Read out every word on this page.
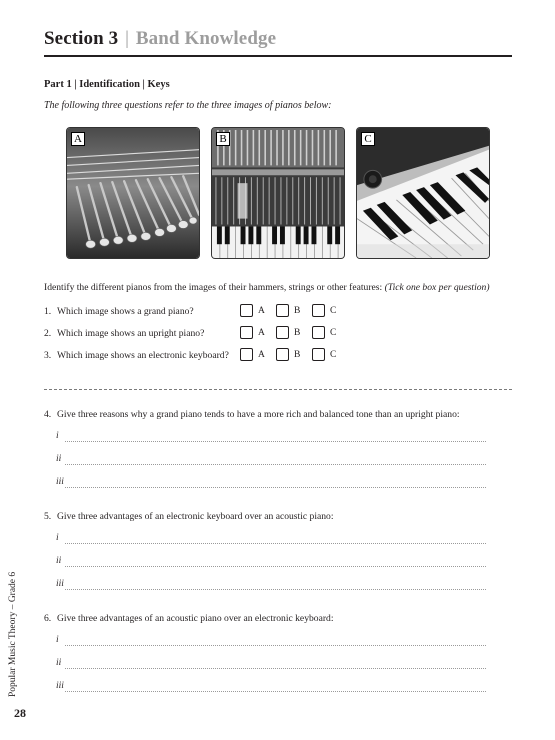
Section 3 | Band Knowledge
Part 1 | Identification | Keys
The following three questions refer to the three images of pianos below:
A	B	C
Identify the different pianos from the images of their hammers, strings or other features: (Tick one box per question)
1. Which image shows a grand piano?	A	B	C
2. Which image shows an upright piano?	A	B	C
3. Which image shows an electronic keyboard?	A	B	C
4. Give three reasons why a grand piano tends to have a more rich and balanced tone than an upright piano:
i
ii
iii
5. Give three advantages of an electronic keyboard over an acoustic piano:
i
ii
iii
6. Give three advantages of an acoustic piano over an electronic keyboard:
i
ii
iii
Popular Music Theory – Grade 6
28
